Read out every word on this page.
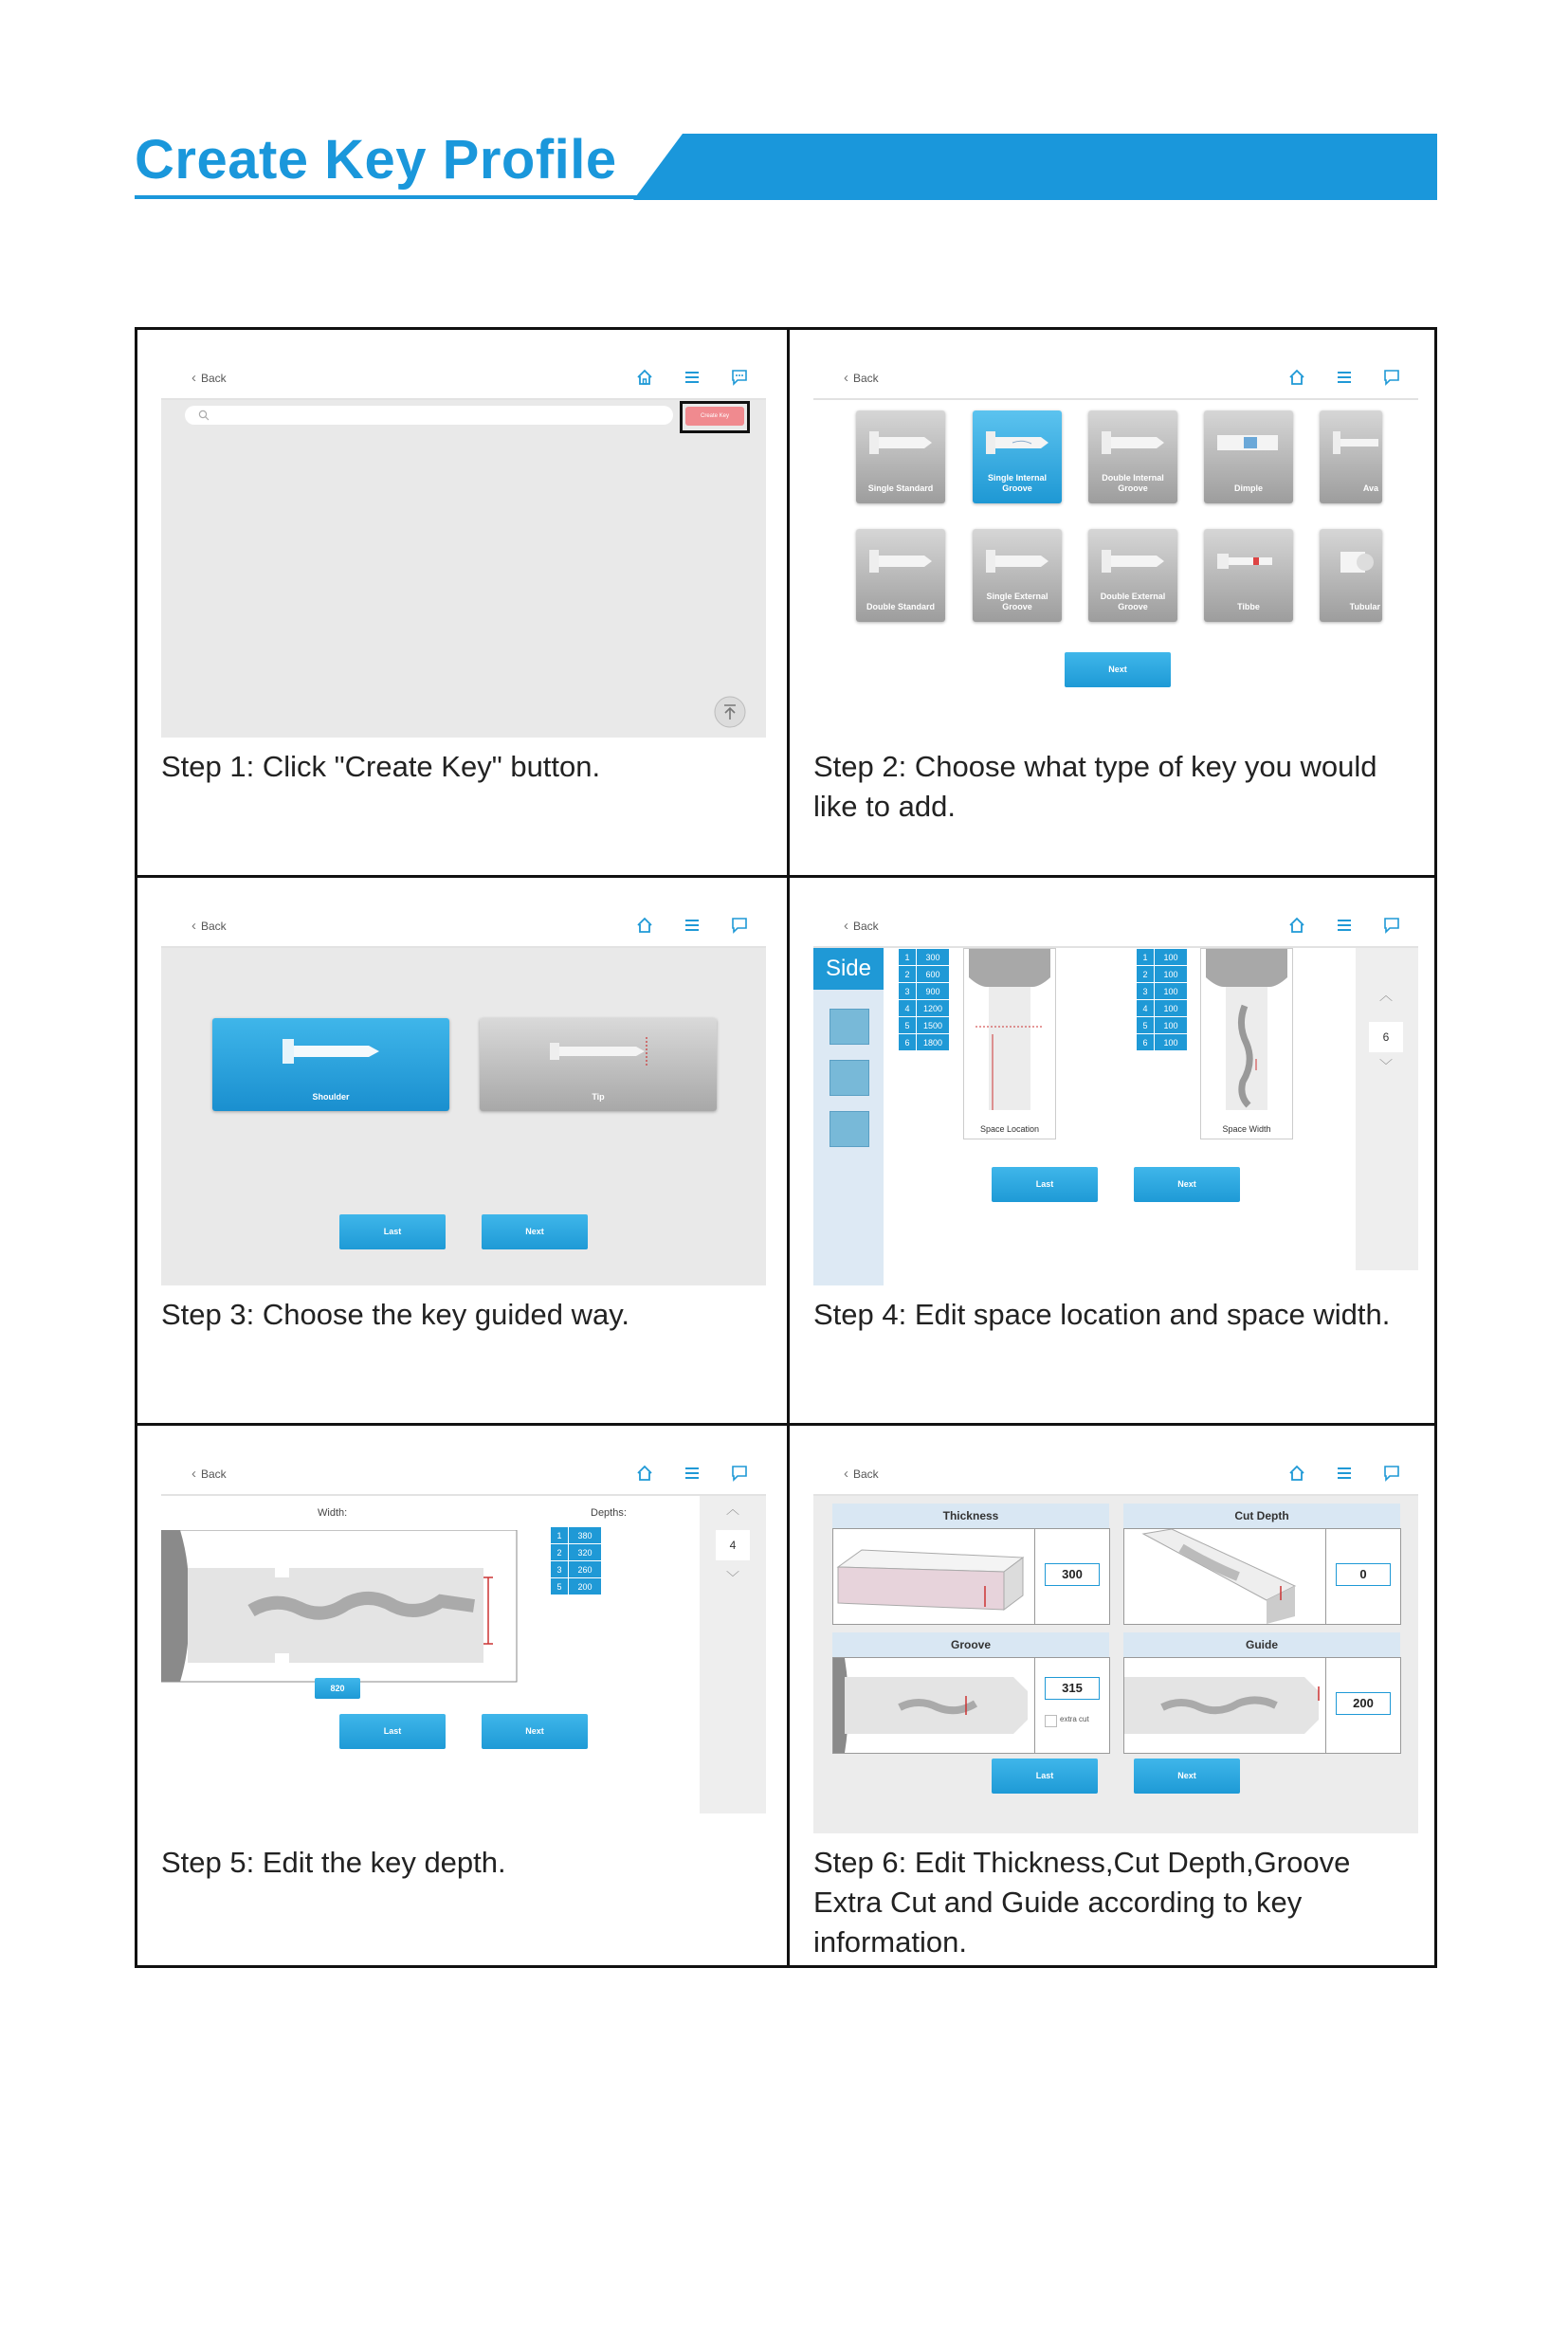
Create Key Profile
‹ Back
Create Key
Step 1: Click "Create Key" button.
‹ Back
Single Standard
Single Internal Groove
Double Internal Groove	Dimple	Ava
Double Standard
Single External Groove
Double External Groove	Tibbe	Tubular
Next
Step 2: Choose what type of key you would like to add.
‹ Back
Shoulder	Tip
Last	Next
Step 3: Choose the key guided way.
‹ Back
Side	1	300
2	600
3	900
4	1200
5	1500
6	1800
Space Location
1	100
2	100
3	100
4	100
5	100
6	100
Space Width
︿
6
﹀
Last	Next
Step 4: Edit space location and space width.
‹ Back
Width:	Depths:
1	380
2	320
3	260
5	200
820
Last	Next
︿
4
﹀
Step 5: Edit the key depth.
‹ Back
Thickness
300
Cut Depth
0
Groove
315
extra cut
Guide
200
Last	Next
Step 6: Edit Thickness,Cut Depth,Groove Extra Cut and Guide according to key information.
